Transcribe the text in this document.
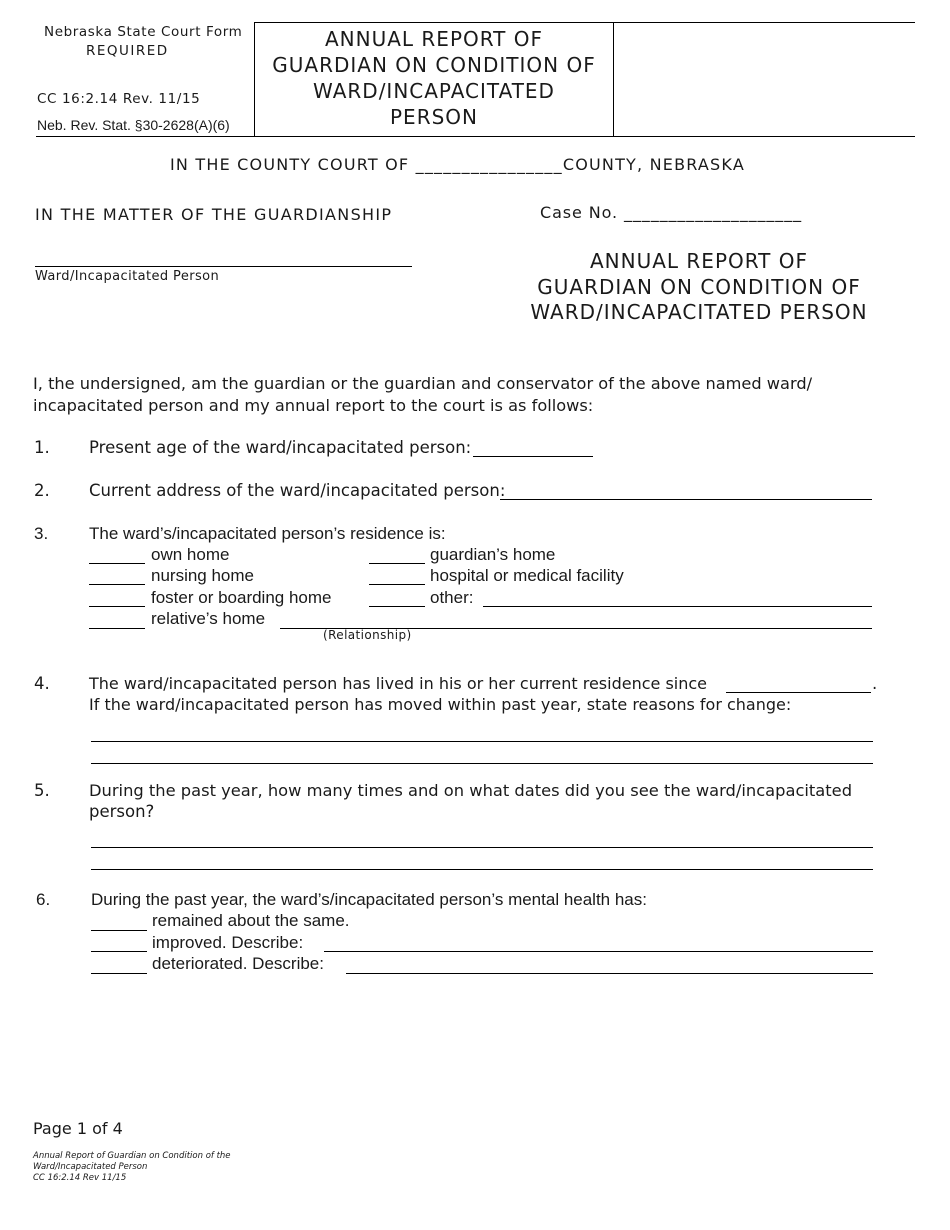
Nebraska State Court Form
REQUIRED
CC 16:2.14 Rev. 11/15
Neb. Rev. Stat. §30-2628(A)(6)
ANNUAL REPORT OF
GUARDIAN ON CONDITION OF
WARD/INCAPACITATED
PERSON
IN THE COUNTY COURT OF ________________COUNTY, NEBRASKA
IN THE MATTER OF THE GUARDIANSHIP	Case No. ____________________
Ward/Incapacitated Person
ANNUAL REPORT OF
GUARDIAN ON CONDITION OF
WARD/INCAPACITATED PERSON
I, the undersigned, am the guardian or the guardian and conservator of the above named ward/
incapacitated person and my annual report to the court is as follows:
1. Present age of the ward/incapacitated person:
2. Current address of the ward/incapacitated person:
3. The ward’s/incapacitated person’s residence is:
own home	guardian’s home
nursing home	hospital or medical facility
foster or boarding home	other:
relative’s home
(Relationship)
4. The ward/incapacitated person has lived in his or her current residence since	.
If the ward/incapacitated person has moved within past year, state reasons for change:
5. During the past year, how many times and on what dates did you see the ward/incapacitated
person?
6. During the past year, the ward’s/incapacitated person’s mental health has:
remained about the same.
improved. Describe:
deteriorated. Describe:
Page 1 of 4
Annual Report of Guardian on Condition of the
Ward/Incapacitated Person
CC 16:2.14 Rev 11/15
